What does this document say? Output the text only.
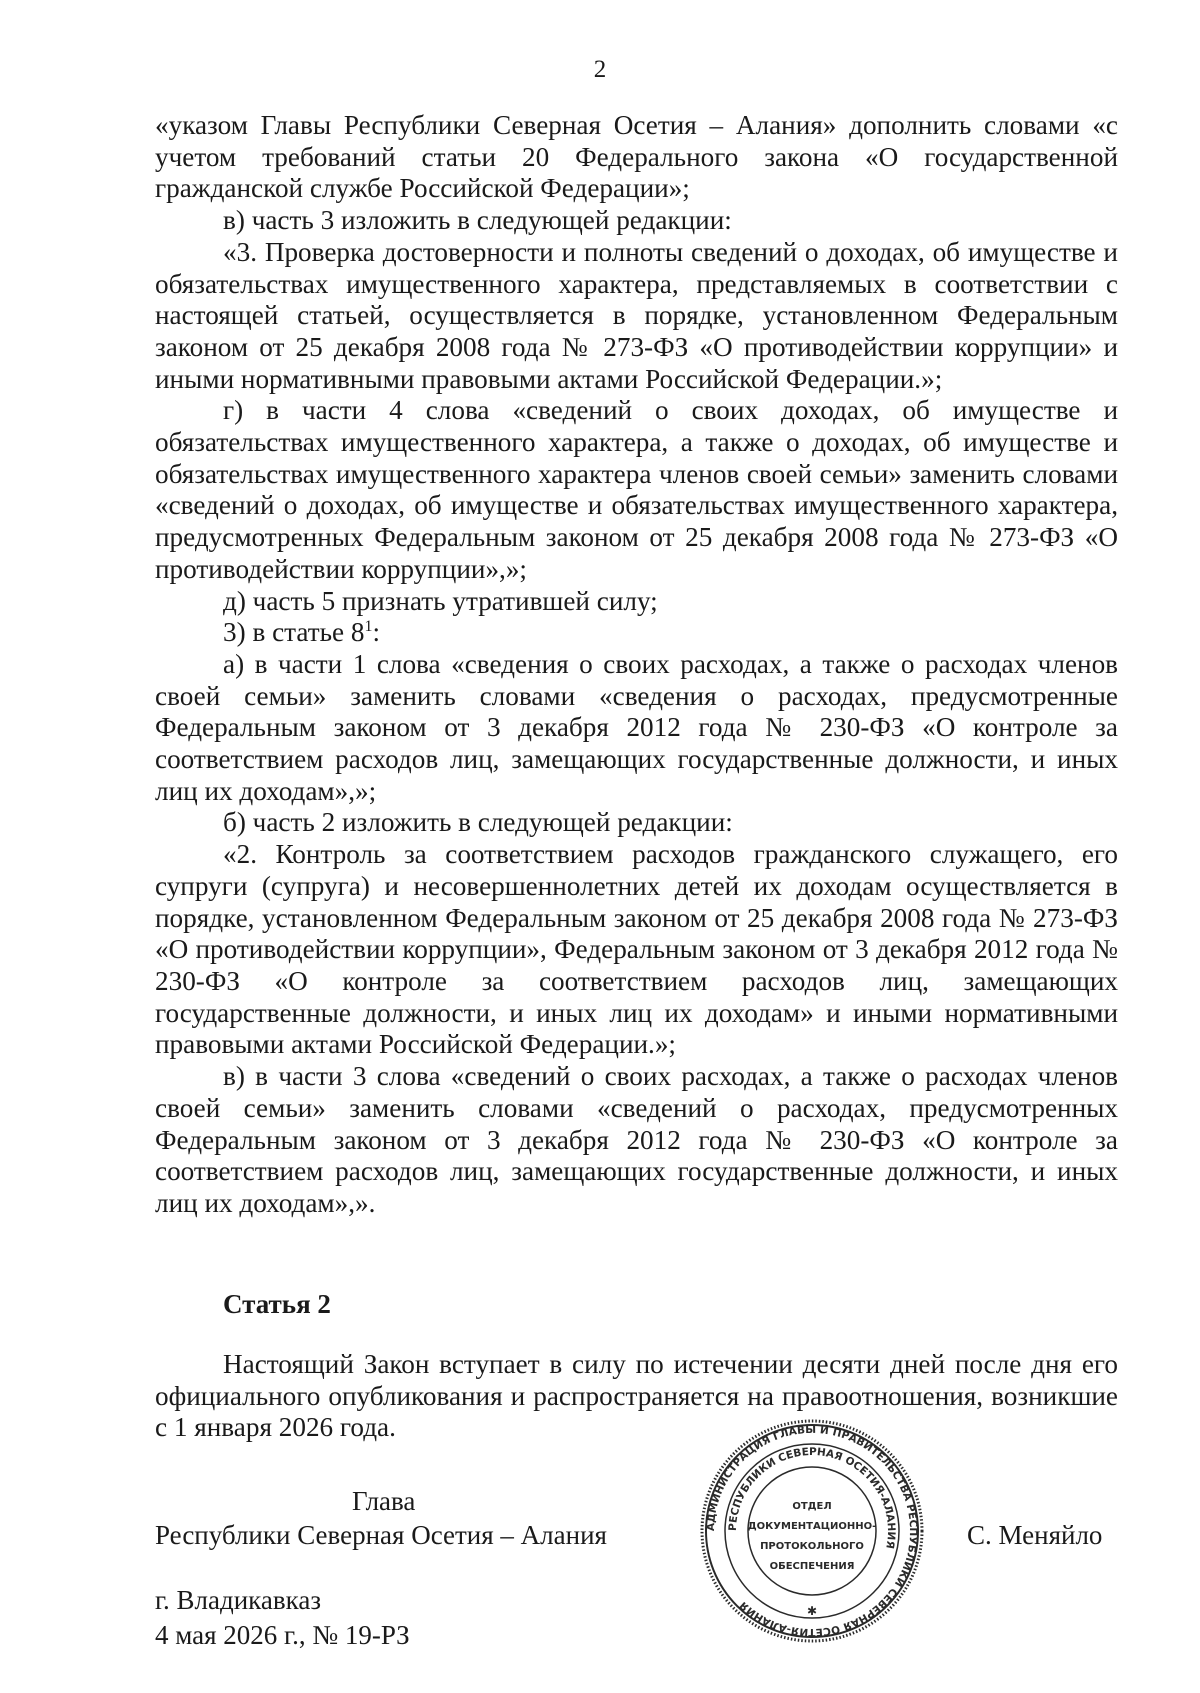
2

«указом Главы Республики Северная Осетия – Алания» дополнить словами «с учетом требований статьи 20 Федерального закона «О государственной гражданской службе Российской Федерации»;

в) часть 3 изложить в следующей редакции:

«3. Проверка достоверности и полноты сведений о доходах, об имуществе и обязательствах имущественного характера, представляемых в соответствии с настоящей статьей, осуществляется в порядке, установленном Федеральным законом от 25 декабря 2008 года № 273-ФЗ «О противодействии коррупции» и иными нормативными правовыми актами Российской Федерации.»;

г) в части 4 слова «сведений о своих доходах, об имуществе и обязательствах имущественного характера, а также о доходах, об имуществе и обязательствах имущественного характера членов своей семьи» заменить словами «сведений о доходах, об имуществе и обязательствах имущественного характера, предусмотренных Федеральным законом от 25 декабря 2008 года № 273-ФЗ «О противодействии коррупции»,»;

д) часть 5 признать утратившей силу;

3) в статье $8^1$:

а) в части 1 слова «сведения о своих расходах, а также о расходах членов своей семьи» заменить словами «сведения о расходах, предусмотренные Федеральным законом от 3 декабря 2012 года № 230-ФЗ «О контроле за соответствием расходов лиц, замещающих государственные должности, и иных лиц их доходам»,»;

б) часть 2 изложить в следующей редакции:

«2. Контроль за соответствием расходов гражданского служащего, его супруги (супруга) и несовершеннолетних детей их доходам осуществляется в порядке, установленном Федеральным законом от 25 декабря 2008 года № 273-ФЗ «О противодействии коррупции», Федеральным законом от 3 декабря 2012 года № 230-ФЗ «О контроле за соответствием расходов лиц, замещающих государственные должности, и иных лиц их доходам» и иными нормативными правовыми актами Российской Федерации.»;

в) в части 3 слова «сведений о своих расходах, а также о расходах членов своей семьи» заменить словами «сведений о расходах, предусмотренных Федеральным законом от 3 декабря 2012 года № 230-ФЗ «О контроле за соответствием расходов лиц, замещающих государственные должности, и иных лиц их доходам»,».

Статья 2

Настоящий Закон вступает в силу по истечении десяти дней после дня его официального опубликования и распространяется на правоотношения, возникшие с 1 января 2026 года.

Глава
Республики Северная Осетия – Алания	С. Меняйло
г. Владикавказ
4 мая 2026 г., № 19-РЗ
АДМИНИСТРАЦИЯ ГЛАВЫ И ПРАВИТЕЛЬСТВА РЕСПУБЛИКИ СЕВЕРНАЯ ОСЕТИЯ-АЛАНИЯ
РЕСПУБЛИКИ СЕВЕРНАЯ ОСЕТИЯ-АЛАНИЯ
ОТДЕЛ
ДОКУМЕНТАЦИОННО-
ПРОТОКОЛЬНОГО
ОБЕСПЕЧЕНИЯ
✱
